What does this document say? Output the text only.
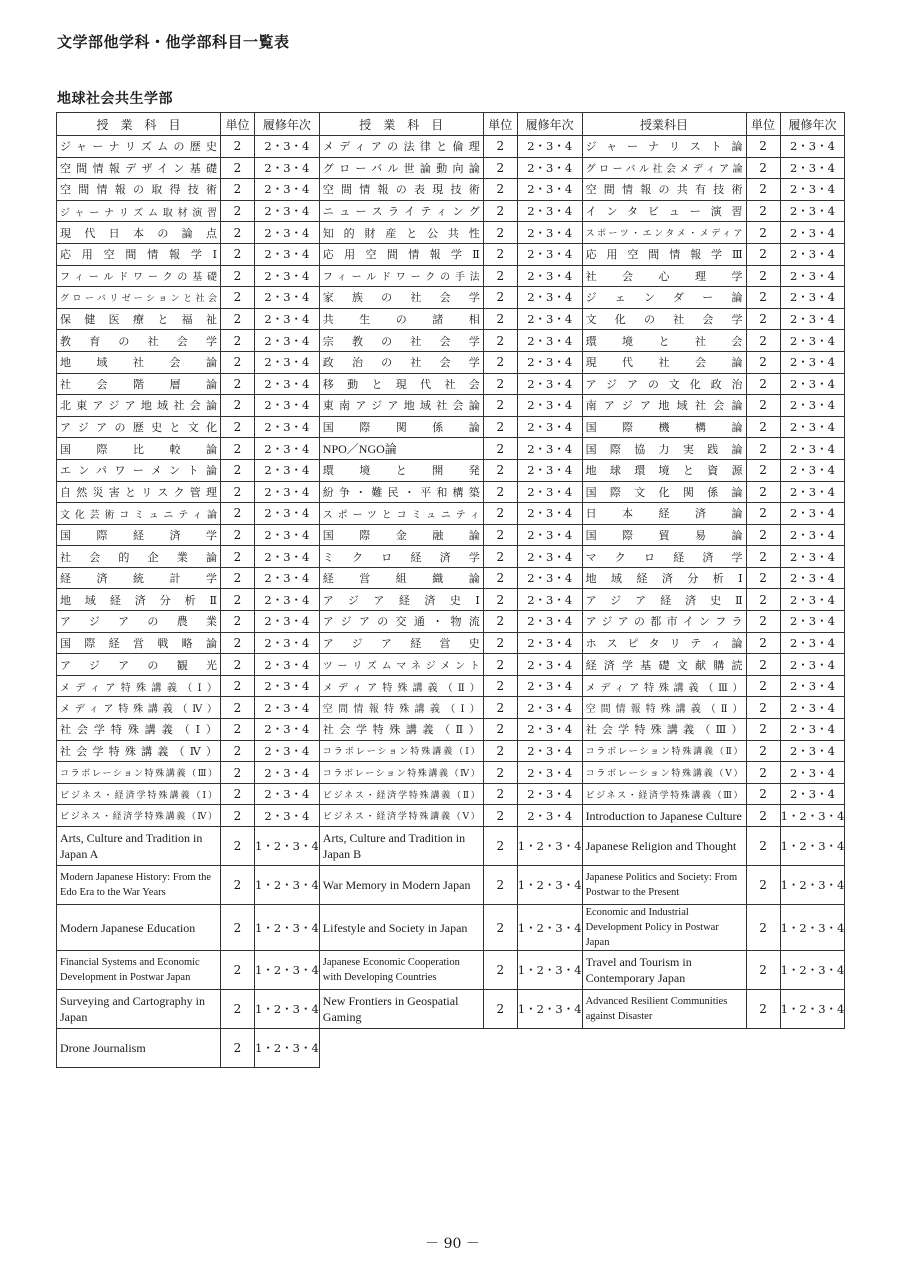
文学部他学科・他学部科目一覧表
地球社会共生学部
授　業　科　目	単位	履修年次	授　業　科　目	単位	履修年次	授業科目	単位	履修年次
ジャーナリズムの歴史	2	2・3・4	メディアの法律と倫理	2	2・3・4	ジャーナリスト論	2	2・3・4
空間情報デザイン基礎	2	2・3・4	グローバル世論動向論	2	2・3・4	グローバル社会メディア論	2	2・3・4
空間情報の取得技術	2	2・3・4	空間情報の表現技術	2	2・3・4	空間情報の共有技術	2	2・3・4
ジャーナリズム取材演習	2	2・3・4	ニュースライティング	2	2・3・4	インタビュー演習	2	2・3・4
現代日本の論点	2	2・3・4	知的財産と公共性	2	2・3・4	スポーツ・エンタメ・メディア	2	2・3・4
応用空間情報学Ⅰ	2	2・3・4	応用空間情報学Ⅱ	2	2・3・4	応用空間情報学Ⅲ	2	2・3・4
フィールドワークの基礎	2	2・3・4	フィールドワークの手法	2	2・3・4	社会心理学	2	2・3・4
グローバリゼーションと社会	2	2・3・4	家族の社会学	2	2・3・4	ジェンダー論	2	2・3・4
保健医療と福祉	2	2・3・4	共生の諸相	2	2・3・4	文化の社会学	2	2・3・4
教育の社会学	2	2・3・4	宗教の社会学	2	2・3・4	環境と社会	2	2・3・4
地域社会論	2	2・3・4	政治の社会学	2	2・3・4	現代社会論	2	2・3・4
社会階層論	2	2・3・4	移動と現代社会	2	2・3・4	アジアの文化政治	2	2・3・4
北東アジア地域社会論	2	2・3・4	東南アジア地域社会論	2	2・3・4	南アジア地域社会論	2	2・3・4
アジアの歴史と文化	2	2・3・4	国際関係論	2	2・3・4	国際機構論	2	2・3・4
国際比較論	2	2・3・4	NPO／NGO論	2	2・3・4	国際協力実践論	2	2・3・4
エンパワーメント論	2	2・3・4	環境と開発	2	2・3・4	地球環境と資源	2	2・3・4
自然災害とリスク管理	2	2・3・4	紛争・難民・平和構築	2	2・3・4	国際文化関係論	2	2・3・4
文化芸術コミュニティ論	2	2・3・4	スポーツとコミュニティ	2	2・3・4	日本経済論	2	2・3・4
国際経済学	2	2・3・4	国際金融論	2	2・3・4	国際貿易論	2	2・3・4
社会的企業論	2	2・3・4	ミクロ経済学	2	2・3・4	マクロ経済学	2	2・3・4
経済統計学	2	2・3・4	経営組織論	2	2・3・4	地域経済分析Ⅰ	2	2・3・4
地域経済分析Ⅱ	2	2・3・4	アジア経済史Ⅰ	2	2・3・4	アジア経済史Ⅱ	2	2・3・4
アジアの農業	2	2・3・4	アジアの交通・物流	2	2・3・4	アジアの都市インフラ	2	2・3・4
国際経営戦略論	2	2・3・4	アジア経営史	2	2・3・4	ホスピタリティ論	2	2・3・4
アジアの観光	2	2・3・4	ツーリズムマネジメント	2	2・3・4	経済学基礎文献購読	2	2・3・4
メディア特殊講義（Ⅰ）	2	2・3・4	メディア特殊講義（Ⅱ）	2	2・3・4	メディア特殊講義（Ⅲ）	2	2・3・4
メディア特殊講義（Ⅳ）	2	2・3・4	空間情報特殊講義（Ⅰ）	2	2・3・4	空間情報特殊講義（Ⅱ）	2	2・3・4
社会学特殊講義（Ⅰ）	2	2・3・4	社会学特殊講義（Ⅱ）	2	2・3・4	社会学特殊講義（Ⅲ）	2	2・3・4
社会学特殊講義（Ⅳ）	2	2・3・4	コラボレーション特殊講義（Ⅰ）	2	2・3・4	コラボレーション特殊講義（Ⅱ）	2	2・3・4
コラボレーション特殊講義（Ⅲ）	2	2・3・4	コラボレーション特殊講義（Ⅳ）	2	2・3・4	コラボレーション特殊講義（Ⅴ）	2	2・3・4
ビジネス・経済学特殊講義（Ⅰ）	2	2・3・4	ビジネス・経済学特殊講義（Ⅱ）	2	2・3・4	ビジネス・経済学特殊講義（Ⅲ）	2	2・3・4
ビジネス・経済学特殊講義（Ⅳ）	2	2・3・4	ビジネス・経済学特殊講義（Ⅴ）	2	2・3・4	Introduction to Japanese Culture	2	1・2・3・4
Arts, Culture and Tradition in Japan A	2	1・2・3・4	Arts, Culture and Tradition in Japan B	2	1・2・3・4	Japanese Religion and Thought	2	1・2・3・4
Modern Japanese History: From the Edo Era to the War Years	2	1・2・3・4	War Memory in Modern Japan	2	1・2・3・4	Japanese Politics and Society: From Postwar to the Present	2	1・2・3・4
Modern Japanese Education	2	1・2・3・4	Lifestyle and Society in Japan	2	1・2・3・4	Economic and Industrial Development Policy in Postwar Japan	2	1・2・3・4
Financial Systems and Economic Development in Postwar Japan	2	1・2・3・4	Japanese Economic Cooperation with Developing Countries	2	1・2・3・4	Travel and Tourism in Contemporary Japan	2	1・2・3・4
Surveying and Cartography in Japan	2	1・2・3・4	New Frontiers in Geospatial Gaming	2	1・2・3・4	Advanced Resilient Communities against Disaster	2	1・2・3・4
Drone Journalism	2	1・2・3・4						
－ 90 －
